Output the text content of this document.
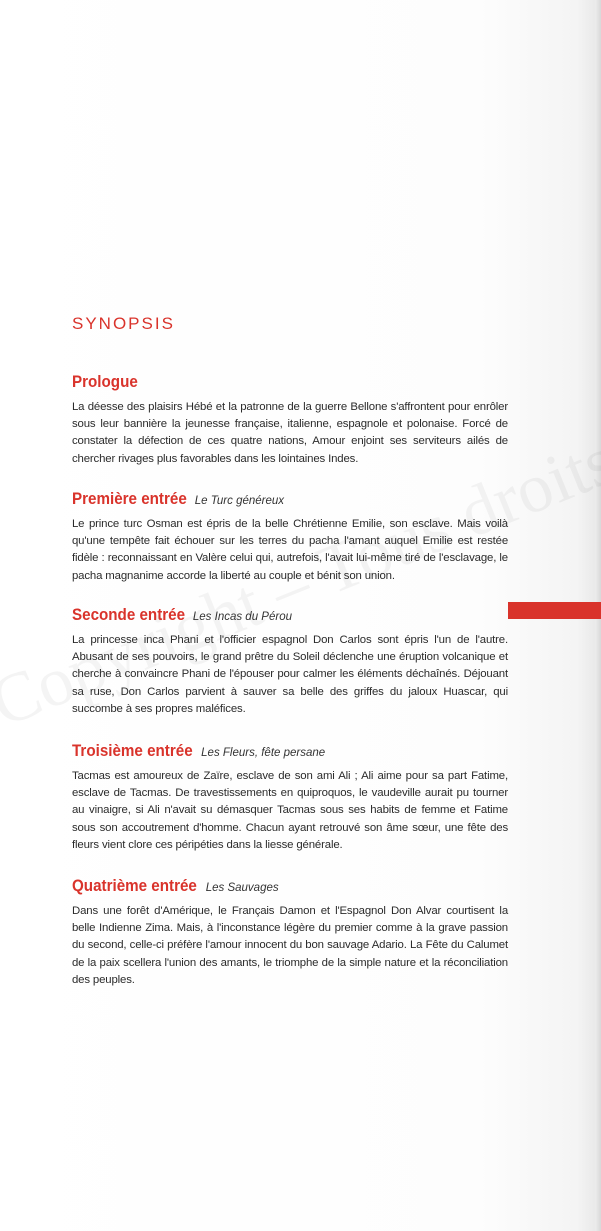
SYNOPSIS
Prologue
La déesse des plaisirs Hébé et la patronne de la guerre Bellone s'affrontent pour enrôler sous leur bannière la jeunesse française, italienne, espagnole et polonaise. Forcé de constater la défection de ces quatre nations, Amour enjoint ses serviteurs ailés de chercher rivages plus favorables dans les lointaines Indes.
Première entrée Le Turc généreux
Le prince turc Osman est épris de la belle Chrétienne Emilie, son esclave. Mais voilà qu'une tempête fait échouer sur les terres du pacha l'amant auquel Emilie est restée fidèle : reconnaissant en Valère celui qui, autrefois, l'avait lui-même tiré de l'esclavage, le pacha magnanime accorde la liberté au couple et bénit son union.
Seconde entrée Les Incas du Pérou
La princesse inca Phani et l'officier espagnol Don Carlos sont épris l'un de l'autre. Abusant de ses pouvoirs, le grand prêtre du Soleil déclenche une éruption volcanique et cherche à convaincre Phani de l'épouser pour calmer les éléments déchaînés. Déjouant sa ruse, Don Carlos parvient à sauver sa belle des griffes du jaloux Huascar, qui succombe à ses propres maléfices.
Troisième entrée Les Fleurs, fête persane
Tacmas est amoureux de Zaïre, esclave de son ami Ali ; Ali aime pour sa part Fatime, esclave de Tacmas. De travestissements en quiproquos, le vaudeville aurait pu tourner au vinaigre, si Ali n'avait su démasquer Tacmas sous ses habits de femme et Fatime sous son accoutrement d'homme. Chacun ayant retrouvé son âme sœur, une fête des fleurs vient clore ces péripéties dans la liesse générale.
Quatrième entrée Les Sauvages
Dans une forêt d'Amérique, le Français Damon et l'Espagnol Don Alvar courtisent la belle Indienne Zima. Mais, à l'inconstance légère du premier comme à la grave passion du second, celle-ci préfère l'amour innocent du bon sauvage Adario. La Fête du Calumet de la paix scellera l'union des amants, le triomphe de la simple nature et la réconciliation des peuples.
